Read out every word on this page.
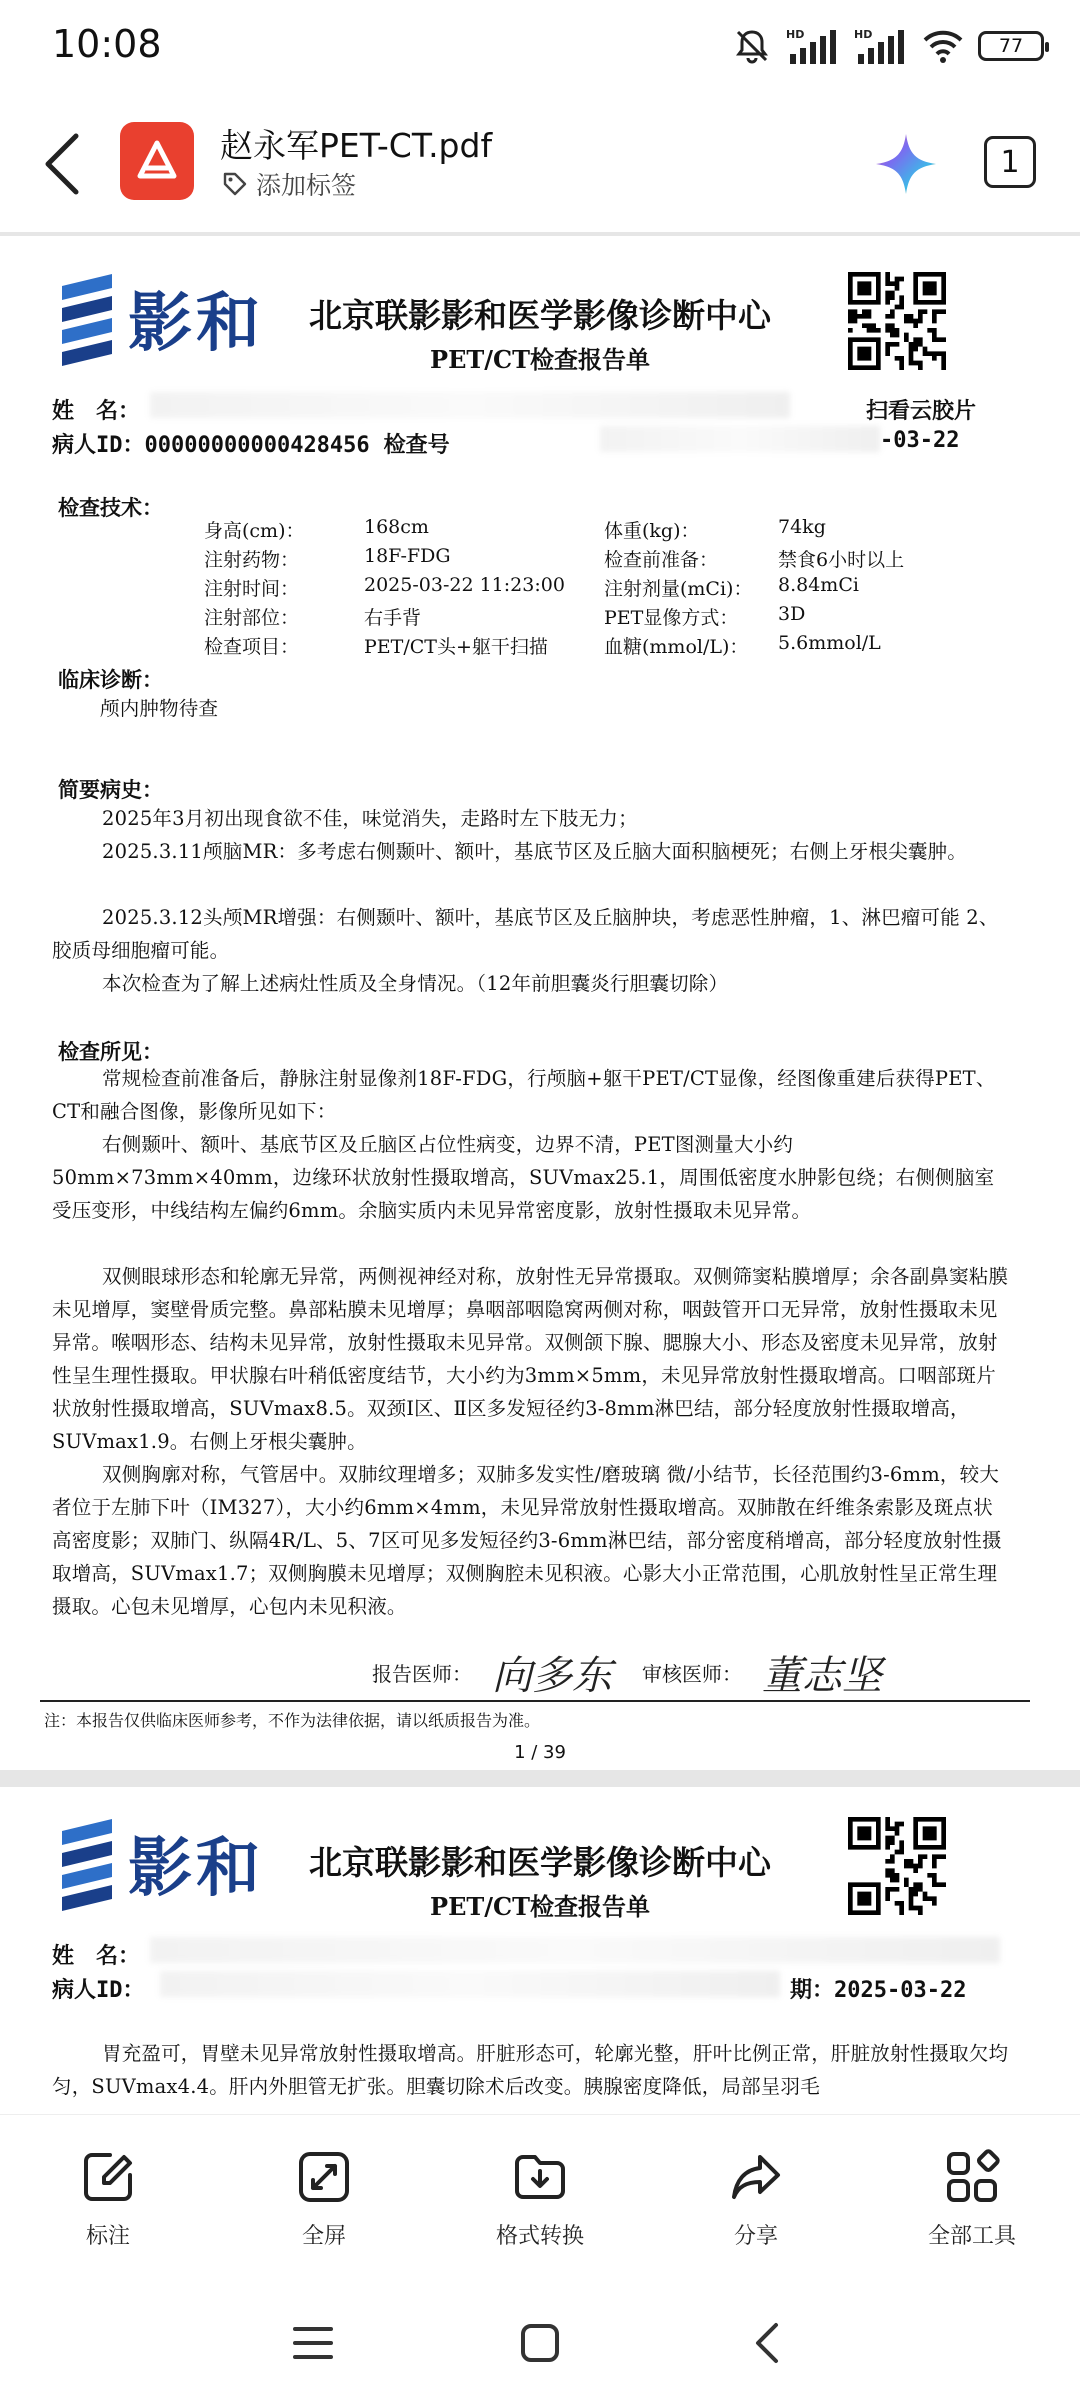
10:08	HD	HD
77
赵永军PET-CT.pdf
添加标签
1
影和	北京联影影和医学影像诊断中心
PET/CT检查报告单
姓　名：	扫看云胶片
病人ID：00000000000428456 检查号	-03-22
检查技术：
身高(cm)：	168cm	体重(kg)：	74kg
注射药物：	18F-FDG	检查前准备：	禁食6小时以上
注射时间：	2025-03-22 11:23:00	注射剂量(mCi)：	8.84mCi
注射部位：	右手背	PET显像方式：	3D
检查项目：	PET/CT头+躯干扫描	血糖(mmol/L)：	5.6mmol/L
临床诊断：
颅内肿物待查
简要病史：
2025年3月初出现食欲不佳，味觉消失，走路时左下肢无力；
2025.3.11颅脑MR：多考虑右侧颞叶、额叶，基底节区及丘脑大面积脑梗死；右侧上牙根尖囊肿。
2025.3.12头颅MR增强：右侧颞叶、额叶，基底节区及丘脑肿块，考虑恶性肿瘤，1、淋巴瘤可能 2、胶质母细胞瘤可能。
本次检查为了解上述病灶性质及全身情况。（12年前胆囊炎行胆囊切除）
检查所见：
常规检查前准备后，静脉注射显像剂18F-FDG，行颅脑+躯干PET/CT显像，经图像重建后获得PET、CT和融合图像，影像所见如下：
右侧颞叶、额叶、基底节区及丘脑区占位性病变，边界不清，PET图测量大小约50mm×73mm×40mm，边缘环状放射性摄取增高，SUVmax25.1，周围低密度水肿影包绕；右侧侧脑室受压变形，中线结构左偏约6mm。余脑实质内未见异常密度影，放射性摄取未见异常。
双侧眼球形态和轮廓无异常，两侧视神经对称，放射性无异常摄取。双侧筛窦粘膜增厚；余各副鼻窦粘膜未见增厚，窦壁骨质完整。鼻部粘膜未见增厚；鼻咽部咽隐窝两侧对称，咽鼓管开口无异常，放射性摄取未见异常。喉咽形态、结构未见异常，放射性摄取未见异常。双侧颌下腺、腮腺大小、形态及密度未见异常，放射性呈生理性摄取。甲状腺右叶稍低密度结节，大小约为3mm×5mm，未见异常放射性摄取增高。口咽部斑片状放射性摄取增高，SUVmax8.5。双颈Ⅰ区、Ⅱ区多发短径约3-8mm淋巴结，部分轻度放射性摄取增高，SUVmax1.9。右侧上牙根尖囊肿。
双侧胸廓对称，气管居中。双肺纹理增多；双肺多发实性/磨玻璃 微/小结节，长径范围约3-6mm，较大者位于左肺下叶（IM327），大小约6mm×4mm，未见异常放射性摄取增高。双肺散在纤维条索影及斑点状高密度影；双肺门、纵隔4R/L、5、7区可见多发短径约3-6mm淋巴结，部分密度稍增高，部分轻度放射性摄取增高，SUVmax1.7；双侧胸膜未见增厚；双侧胸腔未见积液。心影大小正常范围，心肌放射性呈正常生理摄取。心包未见增厚，心包内未见积液。
报告医师： 向多东 审核医师： 董志坚
注：本报告仅供临床医师参考，不作为法律依据，请以纸质报告为准。
1 / 39
影和	北京联影影和医学影像诊断中心
PET/CT检查报告单
姓　名：
病人ID：	期：2025-03-22
胃充盈可，胃壁未见异常放射性摄取增高。肝脏形态可，轮廓光整，肝叶比例正常，肝脏放射性摄取欠均匀，SUVmax4.4。肝内外胆管无扩张。胆囊切除术后改变。胰腺密度降低，局部呈羽毛
标注	全屏	格式转换	分享	全部工具
